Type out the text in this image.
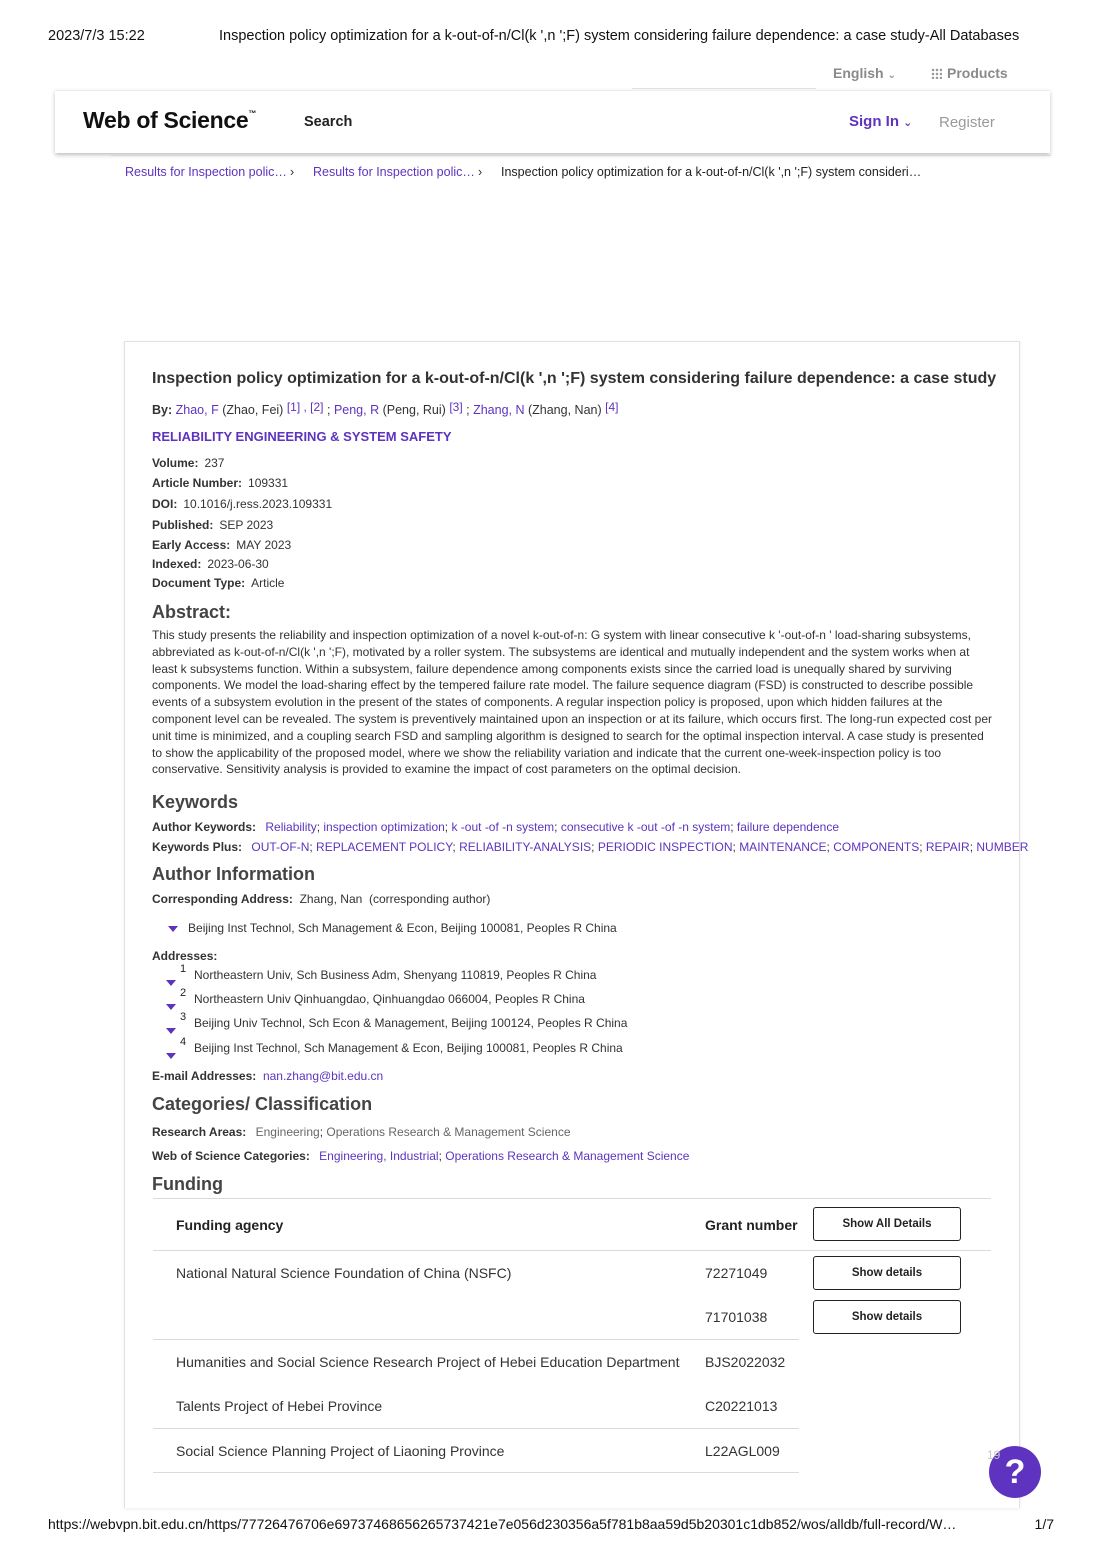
2023/7/3 15:22	Inspection policy optimization for a k-out-of-n/Cl(k ',n ';F) system considering failure dependence: a case study-All Databases
English ⌄	Products
Web of Science™
Search	Sign In ⌄ Register
Results for Inspection polic… › Results for Inspection polic… › Inspection policy optimization for a k-out-of-n/Cl(k ',n ';F) system consideri…
Inspection policy optimization for a k-out-of-n/Cl(k ',n ';F) system considering failure dependence: a case study
By: Zhao, F (Zhao, Fei) [1] , [2] ; Peng, R (Peng, Rui) [3] ; Zhang, N (Zhang, Nan) [4]
RELIABILITY ENGINEERING & SYSTEM SAFETY
Volume: 237
Article Number: 109331
DOI: 10.1016/j.ress.2023.109331
Published: SEP 2023
Early Access: MAY 2023
Indexed: 2023-06-30
Document Type: Article
Abstract:
This study presents the reliability and inspection optimization of a novel k-out-of-n: G system with linear consecutive k '-out-of-n ' load-sharing subsystems, abbreviated as k-out-of-n/Cl(k ',n ';F), motivated by a roller system. The subsystems are identical and mutually independent and the system works when at least k subsystems function. Within a subsystem, failure dependence among components exists since the carried load is unequally shared by surviving components. We model the load-sharing effect by the tempered failure rate model. The failure sequence diagram (FSD) is constructed to describe possible events of a subsystem evolution in the present of the states of components. A regular inspection policy is proposed, upon which hidden failures at the component level can be revealed. The system is preventively maintained upon an inspection or at its failure, which occurs first. The long-run expected cost per unit time is minimized, and a coupling search FSD and sampling algorithm is designed to search for the optimal inspection interval. A case study is presented to show the applicability of the proposed model, where we show the reliability variation and indicate that the current one-week-inspection policy is too conservative. Sensitivity analysis is provided to examine the impact of cost parameters on the optimal decision.
Keywords
Author Keywords: Reliability; inspection optimization; k -out -of -n system; consecutive k -out -of -n system; failure dependence
Keywords Plus: OUT-OF-N; REPLACEMENT POLICY; RELIABILITY-ANALYSIS; PERIODIC INSPECTION; MAINTENANCE; COMPONENTS; REPAIR; NUMBER
Author Information
Corresponding Address: Zhang, Nan (corresponding author)
Beijing Inst Technol, Sch Management & Econ, Beijing 100081, Peoples R China
Addresses:
1 Northeastern Univ, Sch Business Adm, Shenyang 110819, Peoples R China
2 Northeastern Univ Qinhuangdao, Qinhuangdao 066004, Peoples R China
3 Beijing Univ Technol, Sch Econ & Management, Beijing 100124, Peoples R China
4 Beijing Inst Technol, Sch Management & Econ, Beijing 100081, Peoples R China
E-mail Addresses: nan.zhang@bit.edu.cn
Categories/ Classification
Research Areas: Engineering; Operations Research & Management Science
Web of Science Categories: Engineering, Industrial; Operations Research & Management Science
Funding
Funding agency	Grant number	Show All Details
National Natural Science Foundation of China (NSFC)	72271049	Show details
71701038	Show details
Humanities and Social Science Research Project of Hebei Education Department BJS2022032
Talents Project of Hebei Province	C20221013
Social Science Planning Project of Liaoning Province	L22AGL009
?
19
https://webvpn.bit.edu.cn/https/77726476706e69737468656265737421e7e056d230356a5f781b8aa59d5b20301c1db852/wos/alldb/full-record/W…	1/7
